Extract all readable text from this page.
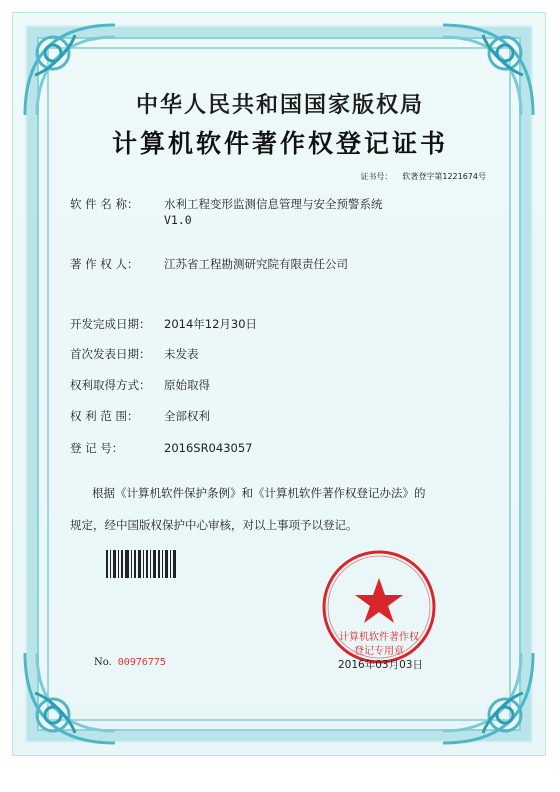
中华人民共和国国家版权局
计算机软件著作权登记证书
证书号： 软著登字第1221674号
软 件 名 称： 水利工程变形监测信息管理与安全预警系统
V1.0
著 作 权 人： 江苏省工程勘测研究院有限责任公司
开发完成日期： 2014年12月30日
首次发表日期： 未发表
权利取得方式： 原始取得
权 利 范 围： 全部权利
登 记 号：	2016SR043057
根据《计算机软件保护条例》和《计算机软件著作权登记办法》的
规定，经中国版权保护中心审核，对以上事项予以登记。
计算机软件著作权
登记专用章
No. 00976775	2016年03月03日
